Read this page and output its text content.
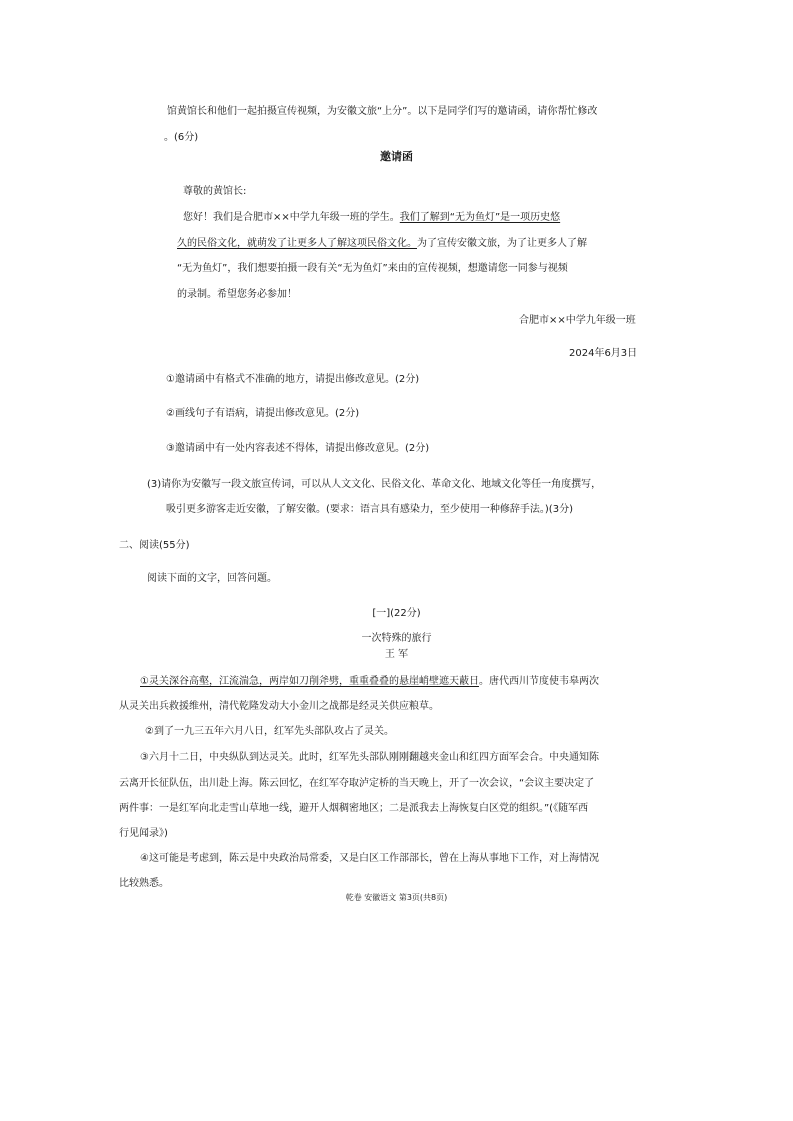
馆黄馆长和他们一起拍摄宣传视频，为安徽文旅“上分”。以下是同学们写的邀请函，请你帮忙修改
。(6分)
邀请函
尊敬的黄馆长:
您好！我们是合肥市××中学九年级一班的学生。我们了解到“无为鱼灯”是一项历史悠
久的民俗文化，就萌发了让更多人了解这项民俗文化。为了宣传安徽文旅，为了让更多人了解
“无为鱼灯”，我们想要拍摄一段有关“无为鱼灯”来由的宣传视频，想邀请您一同参与视频
的录制。希望您务必参加！
合肥市××中学九年级一班
2024年6月3日
①邀请函中有格式不准确的地方，请提出修改意见。(2分)
②画线句子有语病，请提出修改意见。(2分)
③邀请函中有一处内容表述不得体，请提出修改意见。(2分)
(3)请你为安徽写一段文旅宣传词，可以从人文文化、民俗文化、革命文化、地域文化等任一角度撰写，
吸引更多游客走近安徽，了解安徽。(要求：语言具有感染力，至少使用一种修辞手法。)(3分)
二、阅读(55分)
阅读下面的文字，回答问题。
[一](22分)
一次特殊的旅行
王 军
①灵关深谷高壑，江流湍急，两岸如刀削斧劈，重重叠叠的悬崖峭壁遮天蔽日。唐代西川节度使韦皋两次
从灵关出兵救援维州，清代乾隆发动大小金川之战都是经灵关供应粮草。
②到了一九三五年六月八日，红军先头部队攻占了灵关。
③六月十二日，中央纵队到达灵关。此时，红军先头部队刚刚翻越夹金山和红四方面军会合。中央通知陈
云离开长征队伍，出川赴上海。陈云回忆，在红军夺取泸定桥的当天晚上，开了一次会议，“会议主要决定了
两件事：一是红军向北走雪山草地一线，避开人烟稠密地区；二是派我去上海恢复白区党的组织。”(《随军西
行见闻录》)
④这可能是考虑到，陈云是中央政治局常委，又是白区工作部部长，曾在上海从事地下工作，对上海情况
比较熟悉。
乾卷 安徽语文 第3页(共8页)
